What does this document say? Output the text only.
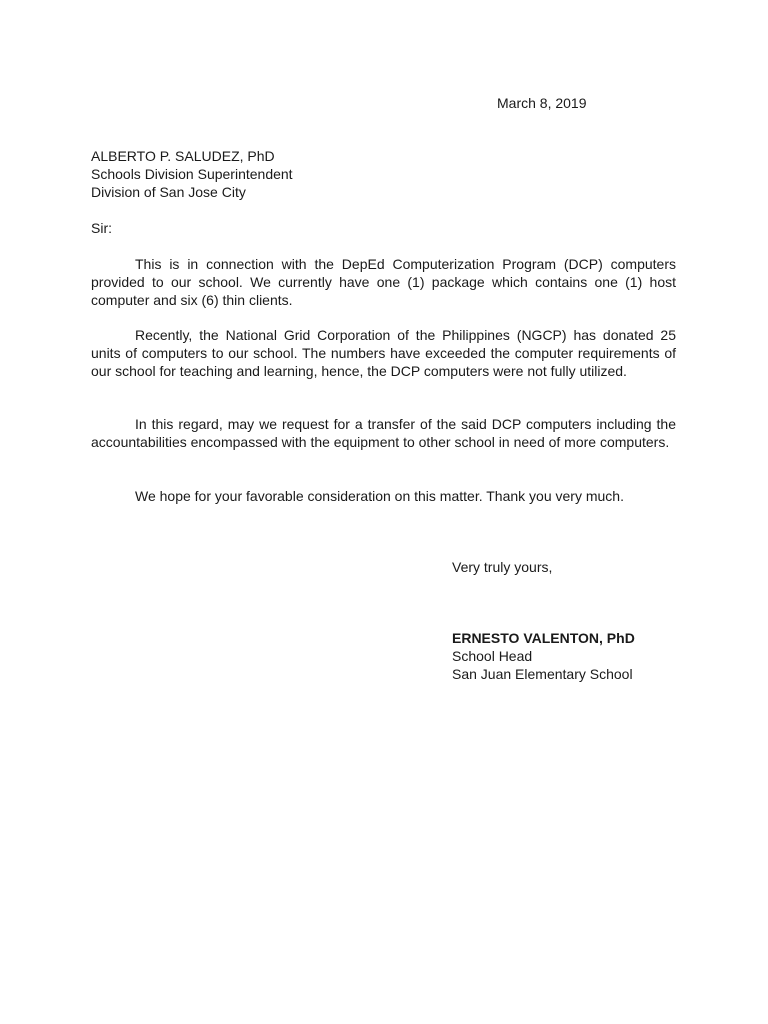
March 8, 2019
ALBERTO P. SALUDEZ, PhD
Schools Division Superintendent
Division of San Jose City
Sir:
This is in connection with the DepEd Computerization Program (DCP) computers provided to our school. We currently have one (1) package which contains one (1) host computer and six (6) thin clients.
Recently, the National Grid Corporation of the Philippines (NGCP) has donated 25 units of computers to our school. The numbers have exceeded the computer requirements of our school for teaching and learning, hence, the DCP computers were not fully utilized.
In this regard, may we request for a transfer of the said DCP computers including the accountabilities encompassed with the equipment to other school in need of more computers.
We hope for your favorable consideration on this matter. Thank you very much.
Very truly yours,
ERNESTO VALENTON, PhD
School Head
San Juan Elementary School
